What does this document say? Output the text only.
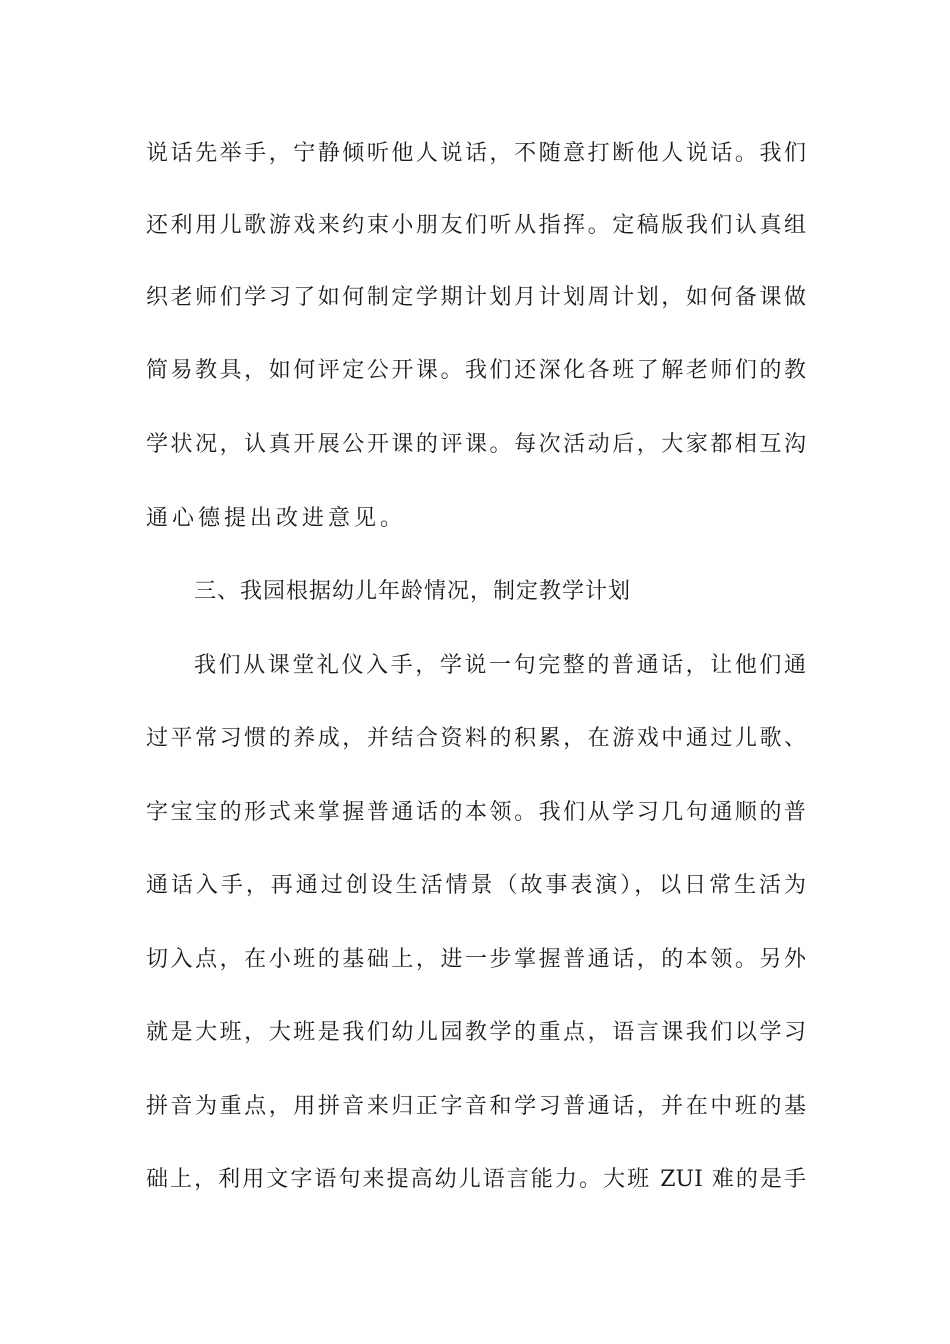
说话先举手，宁静倾听他人说话，不随意打断他人说话。我们
还利用儿歌游戏来约束小朋友们听从指挥。定稿版我们认真组
织老师们学习了如何制定学期计划月计划周计划，如何备课做
简易教具，如何评定公开课。我们还深化各班了解老师们的教
学状况，认真开展公开课的评课。每次活动后，大家都相互沟
通心德提出改进意见。
三、我园根据幼儿年龄情况，制定教学计划
我们从课堂礼仪入手，学说一句完整的普通话，让他们通
过平常习惯的养成，并结合资料的积累，在游戏中通过儿歌、
字宝宝的形式来掌握普通话的本领。我们从学习几句通顺的普
通话入手，再通过创设生活情景（故事表演），以日常生活为
切入点，在小班的基础上，进一步掌握普通话，的本领。另外
就是大班，大班是我们幼儿园教学的重点，语言课我们以学习
拼音为重点，用拼音来归正字音和学习普通话，并在中班的基
础上，利用文字语句来提高幼儿语言能力。大班 ZUI 难的是手
